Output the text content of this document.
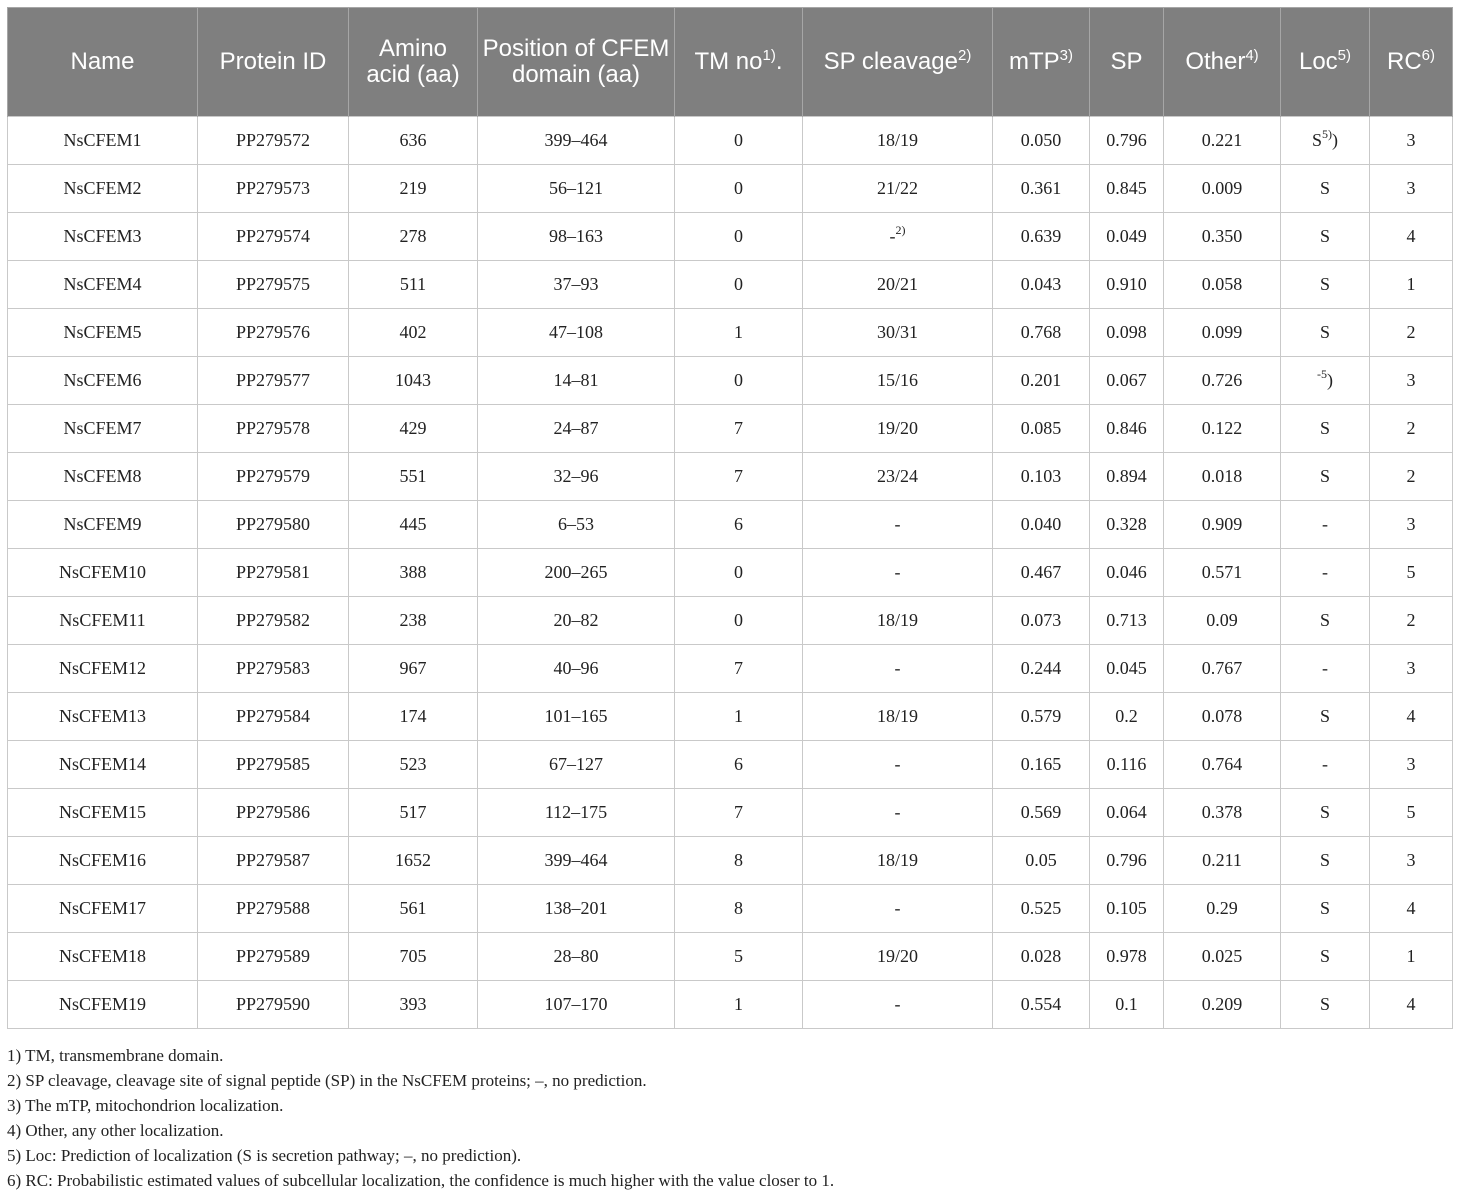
Name	Protein ID	Amino acid (aa)	Position of CFEM domain (aa)	TM $no^{1)}$.	SP cleavage$^{2)}$	mTP$^{3)}$	SP	Other$^{4)}$	Loc$^{5)}$	RC$^{6)}$
NsCFEM1	PP279572	636	399–464	0	18/19	0.050	0.796	0.221	$S^{5)}$)	3
NsCFEM2	PP279573	219	56–121	0	21/22	0.361	0.845	0.009	S	3
NsCFEM3	PP279574	278	98–163	0	-$^{2)}$	0.639	0.049	0.350	S	4
NsCFEM4	PP279575	511	37–93	0	20/21	0.043	0.910	0.058	S	1
NsCFEM5	PP279576	402	47–108	1	30/31	0.768	0.098	0.099	S	2
NsCFEM6	PP279577	1043	14–81	0	15/16	0.201	0.067	0.726	$^{-5}$)	3
NsCFEM7	PP279578	429	24–87	7	19/20	0.085	0.846	0.122	S	2
NsCFEM8	PP279579	551	32–96	7	23/24	0.103	0.894	0.018	S	2
NsCFEM9	PP279580	445	6–53	6	-	0.040	0.328	0.909	-	3
NsCFEM10	PP279581	388	200–265	0	-	0.467	0.046	0.571	-	5
NsCFEM11	PP279582	238	20–82	0	18/19	0.073	0.713	0.09	S	2
NsCFEM12	PP279583	967	40–96	7	-	0.244	0.045	0.767	-	3
NsCFEM13	PP279584	174	101–165	1	18/19	0.579	0.2	0.078	S	4
NsCFEM14	PP279585	523	67–127	6	-	0.165	0.116	0.764	-	3
NsCFEM15	PP279586	517	112–175	7	-	0.569	0.064	0.378	S	5
NsCFEM16	PP279587	1652	399–464	8	18/19	0.05	0.796	0.211	S	3
NsCFEM17	PP279588	561	138–201	8	-	0.525	0.105	0.29	S	4
NsCFEM18	PP279589	705	28–80	5	19/20	0.028	0.978	0.025	S	1
NsCFEM19	PP279590	393	107–170	1	-	0.554	0.1	0.209	S	4

1) TM, transmembrane domain.

2) SP cleavage, cleavage site of signal peptide (SP) in the NsCFEM proteins; –, no prediction.

3) The mTP, mitochondrion localization.

4) Other, any other localization.

5) Loc: Prediction of localization (S is secretion pathway; –, no prediction).

6) RC: Probabilistic estimated values of subcellular localization, the confidence is much higher with the value closer to 1.
